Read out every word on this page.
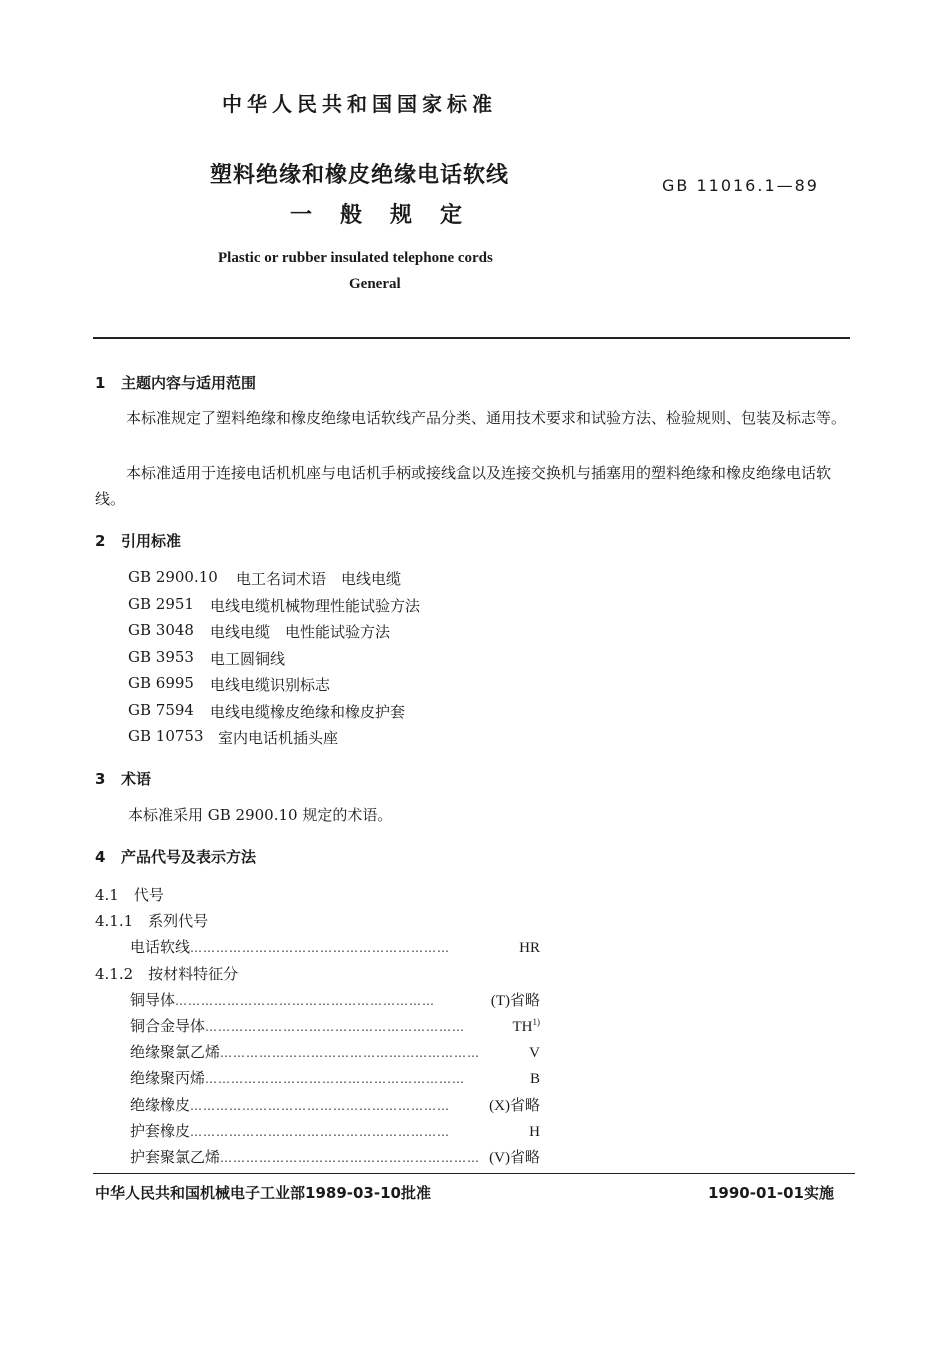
中华人民共和国国家标准
塑料绝缘和橡皮绝缘电话软线
一般规定
GB 11016.1—89
Plastic or rubber insulated telephone cords
General
1 主题内容与适用范围
本标准规定了塑料绝缘和橡皮绝缘电话软线产品分类、通用技术要求和试验方法、检验规则、包装及标志等。
本标准适用于连接电话机机座与电话机手柄或接线盒以及连接交换机与插塞用的塑料绝缘和橡皮绝缘电话软线。
2 引用标准
GB 2900.10	电工名词术语　电线电缆
GB 2951	电线电缆机械物理性能试验方法
GB 3048	电线电缆　电性能试验方法
GB 3953	电工圆铜线
GB 6995	电线电缆识别标志
GB 7594	电线电缆橡皮绝缘和橡皮护套
GB 10753 室内电话机插头座
3 术语
本标准采用 GB 2900.10 规定的术语。
4 产品代号及表示方法
4.1　代号
4.1.1　系列代号
电话软线 ……………………………………………………	HR
4.1.2　按材料特征分
铜导体 ……………………………………………………	(T)省略
铜合金导体 ……………………………………………………	TH$^{1)}$
绝缘聚氯乙烯 ……………………………………………………	V
绝缘聚丙烯 ……………………………………………………	B
绝缘橡皮 ……………………………………………………	(X)省略
护套橡皮 ……………………………………………………	H
护套聚氯乙烯 …………………………………………………… (V)省略
中华人民共和国机械电子工业部1989-03-10批准	1990-01-01实施
